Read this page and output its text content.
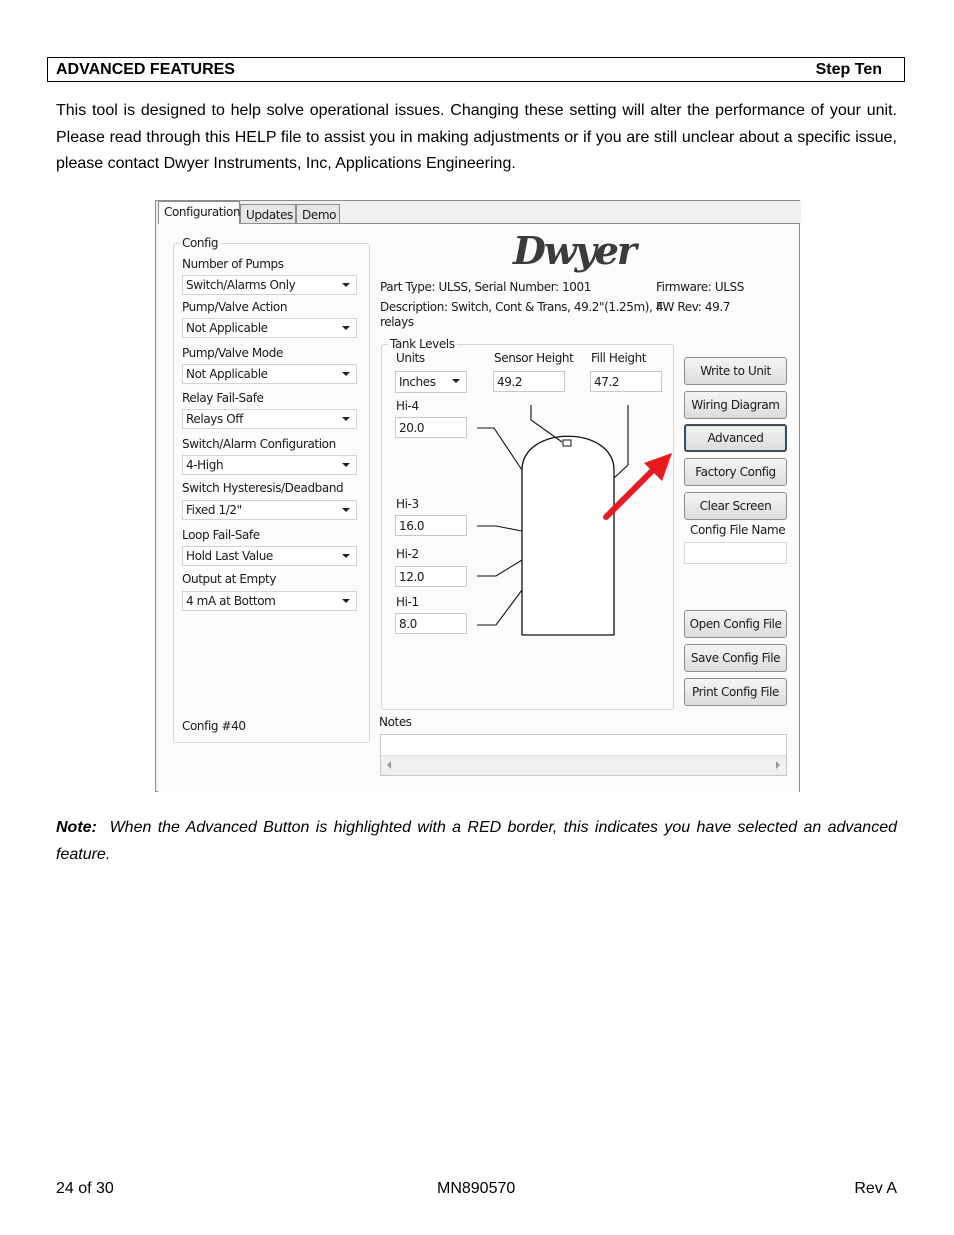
ADVANCED FEATURES	Step Ten
This tool is designed to help solve operational issues. Changing these setting will alter the performance of your unit. Please read through this HELP file to assist you in making adjustments or if you are still unclear about a specific issue, please contact Dwyer Instruments, Inc, Applications Engineering.
Configuration Updates Demo
Config
Number of Pumps
Switch/Alarms Only
Pump/Valve Action
Not Applicable
Pump/Valve Mode
Not Applicable
Relay Fail-Safe
Relays Off
Switch/Alarm Configuration
4-High
Switch Hysteresis/Deadband
Fixed 1/2"
Loop Fail-Safe
Hold Last Value
Output at Empty
4 mA at Bottom
Config #40
Dwyer
Part Type: ULSS, Serial Number: 1001	Firmware: ULSS
Description: Switch, Cont & Trans, 49.2"(1.25m), 4
relays
FW Rev: 49.7
Tank Levels
Units
Inches
Sensor Height
49.2
Fill Height
47.2
Hi-4
20.0
Hi-3
16.0
Hi-2
12.0
Hi-1
8.0
Write to Unit
Wiring Diagram
Advanced
Factory Config
Clear Screen
Config File Name
Open Config File
Save Config File
Print Config File
Notes
Note: When the Advanced Button is highlighted with a RED border, this indicates you have selected an advanced feature.
24 of 30	MN890570	Rev A
